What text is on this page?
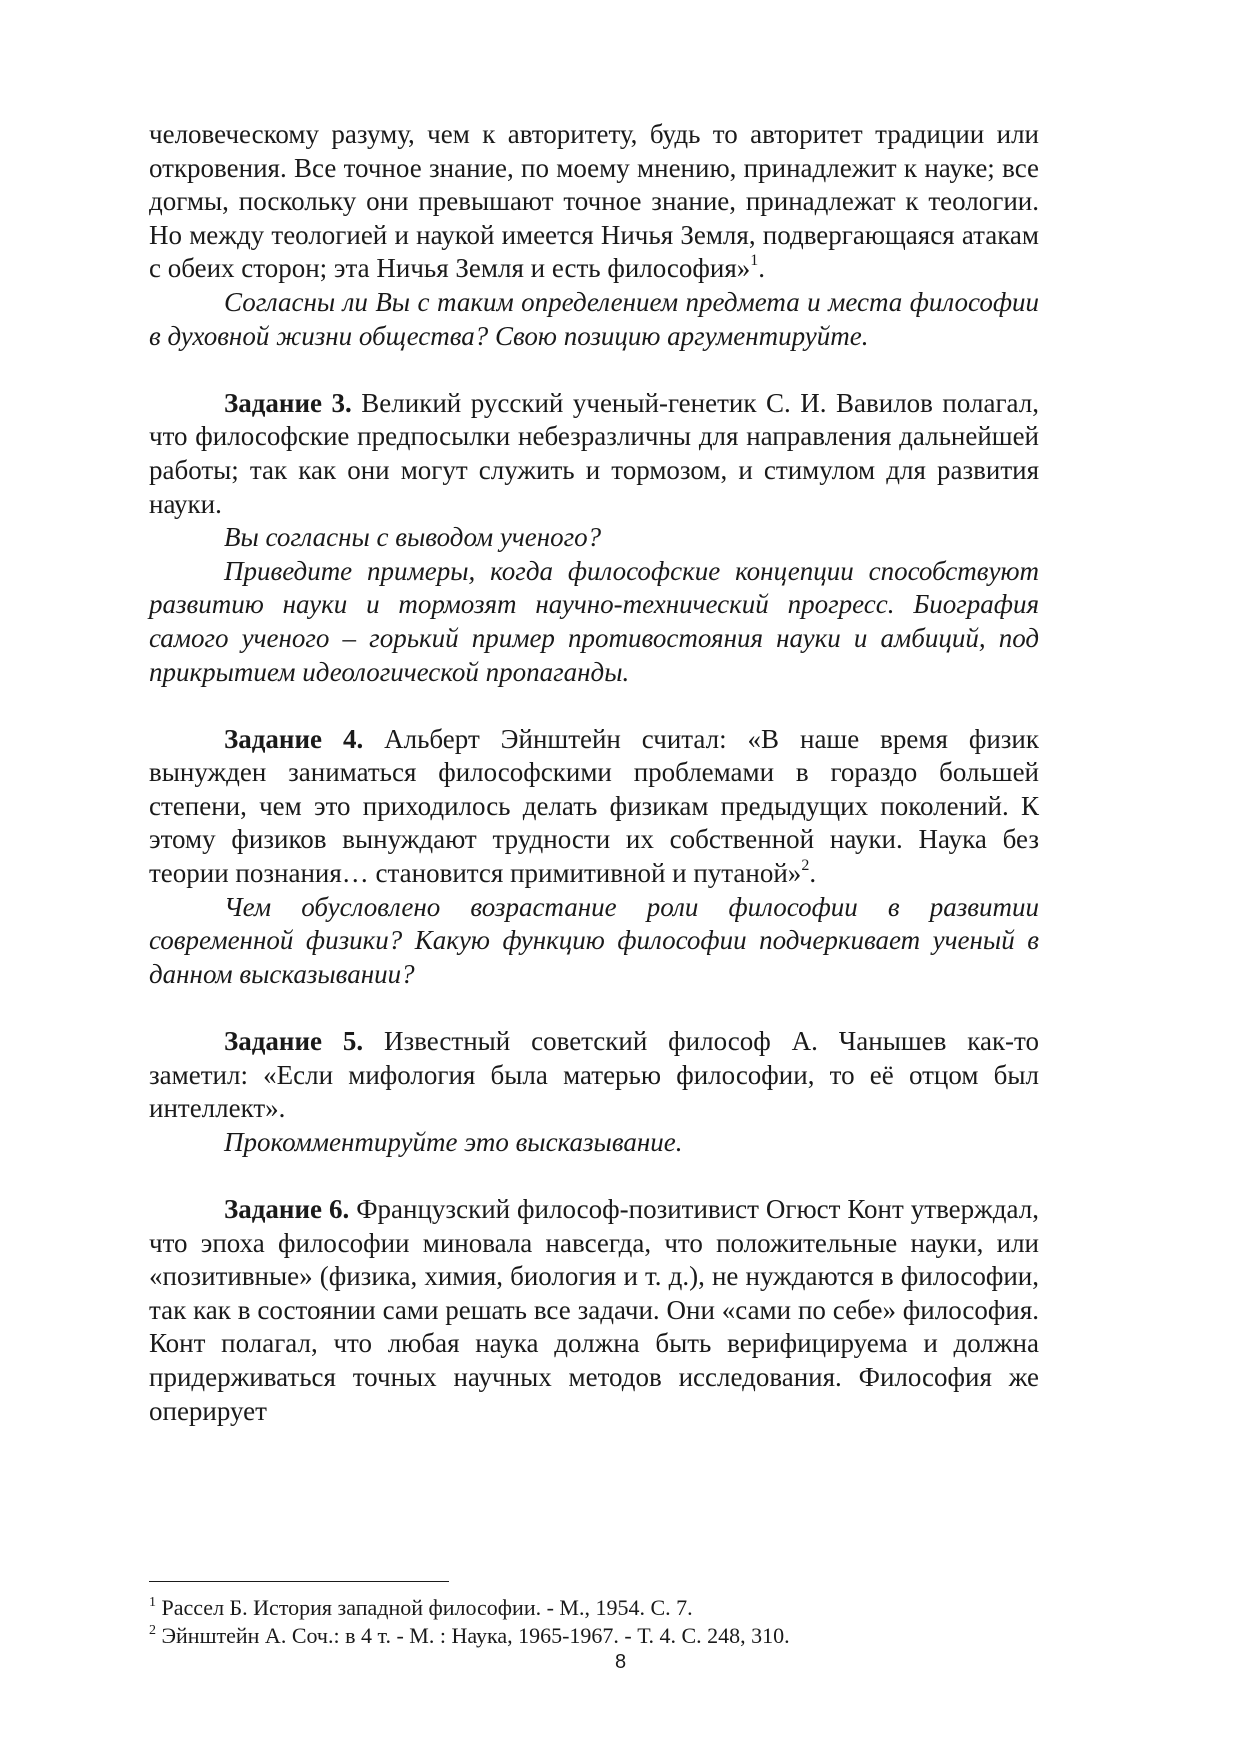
человеческому разуму, чем к авторитету, будь то авторитет традиции или откровения. Все точное знание, по моему мнению, принадлежит к науке; все догмы, поскольку они превышают точное знание, принадлежат к теологии. Но между теологией и наукой имеется Ничья Земля, подвергающаяся атакам с обеих сторон; эта Ничья Земля и есть философия»$^1$.

Согласны ли Вы с таким определением предмета и места философии в духовной жизни общества? Свою позицию аргументируйте.

Задание 3. Великий русский ученый-генетик С. И. Вавилов полагал, что философские предпосылки небезразличны для направления дальнейшей работы; так как они могут служить и тормозом, и стимулом для развития науки.

Вы согласны с выводом ученого?

Приведите примеры, когда философские концепции способствуют развитию науки и тормозят научно-технический прогресс. Биография самого ученого – горький пример противостояния науки и амбиций, под прикрытием идеологической пропаганды.

Задание 4. Альберт Эйнштейн считал: «В наше время физик вынужден заниматься философскими проблемами в гораздо большей степени, чем это приходилось делать физикам предыдущих поколений. К этому физиков вынуждают трудности их собственной науки. Наука без теории познания… становится примитивной и путаной»$^2$.

Чем обусловлено возрастание роли философии в развитии современной физики? Какую функцию философии подчеркивает ученый в данном высказывании?

Задание 5. Известный советский философ А. Чанышев как-то заметил: «Если мифология была матерью философии, то её отцом был интеллект».

Прокомментируйте это высказывание.

Задание 6. Французский философ-позитивист Огюст Конт утверждал, что эпоха философии миновала навсегда, что положительные науки, или «позитивные» (физика, химия, биология и т. д.), не нуждаются в философии, так как в состоянии сами решать все задачи. Они «сами по себе» философия. Конт полагал, что любая наука должна быть верифицируема и должна придерживаться точных научных методов исследования. Философия же оперирует

$^1$ Рассел Б. История западной философии. - М., 1954. С. 7.

$^2$ Эйнштейн А. Соч.: в 4 т. - М. : Наука, 1965-1967. - Т. 4. С. 248, 310.

8
